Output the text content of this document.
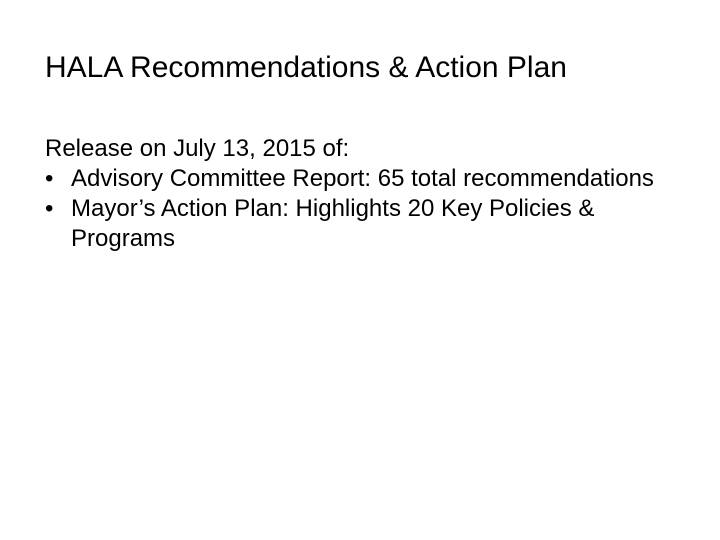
HALA Recommendations & Action Plan

Release on July 13, 2015 of:

• Advisory Committee Report: 65 total recommendations
• Mayor’s Action Plan: Highlights 20 Key Policies & Programs
